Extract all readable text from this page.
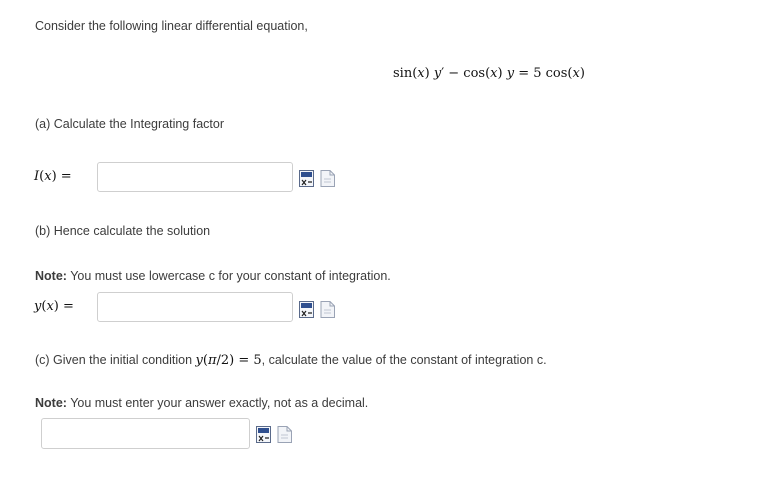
Consider the following linear differential equation,
sin(x) y′ − cos(x) y = 5 cos(x)
(a) Calculate the Integrating factor
I(x) =
(b) Hence calculate the solution
Note: You must use lowercase c for your constant of integration.
y(x) =
(c) Given the initial condition y(π/2) = 5, calculate the value of the constant of integration c.
Note: You must enter your answer exactly, not as a decimal.
